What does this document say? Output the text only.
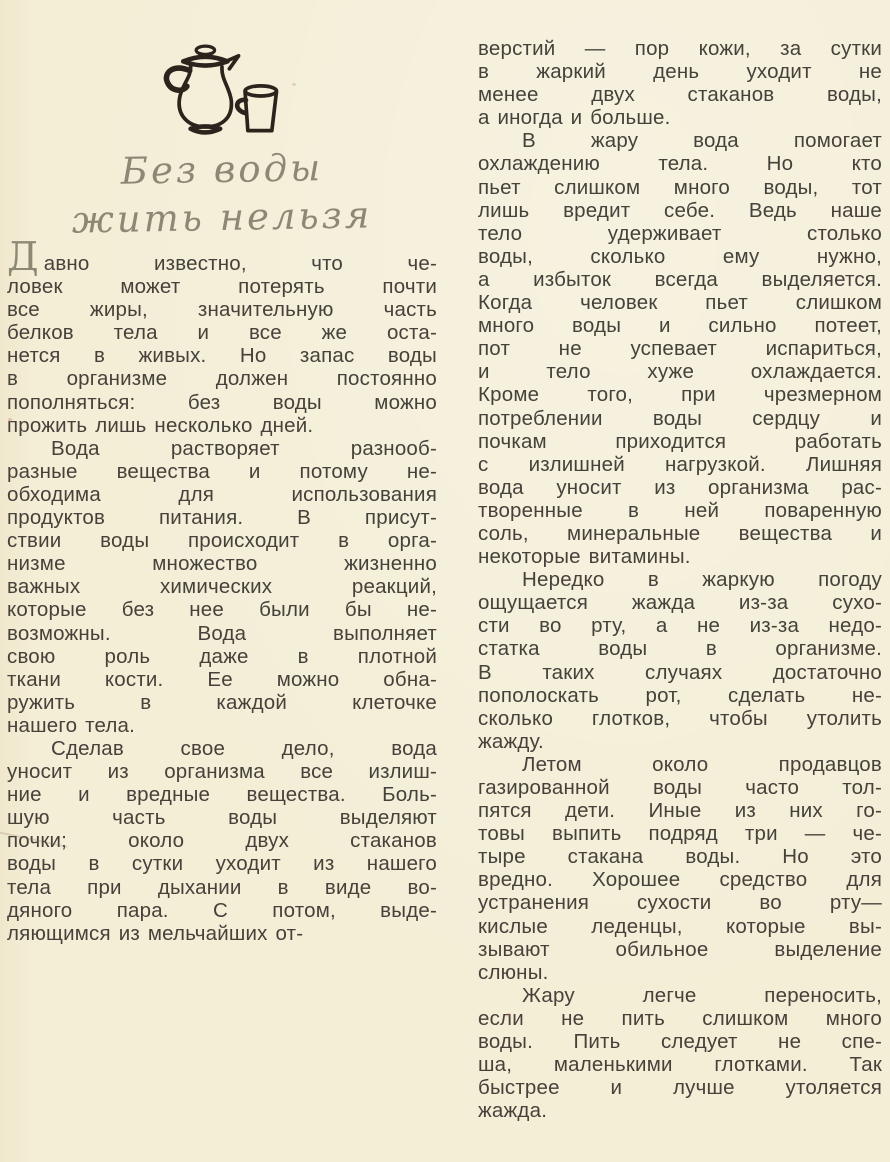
Без воды
жить нельзя
Давно известно, что че-
ловек может потерять почти
все жиры, значительную часть
белков тела и все же оста-
нется в живых. Но запас воды
в организме должен постоянно
пополняться: без воды можно
прожить лишь несколько дней.
Вода растворяет разнооб-
разные вещества и потому не-
обходима для использования
продуктов питания. В присут-
ствии воды происходит в орга-
низме множество жизненно
важных химических реакций,
которые без нее были бы не-
возможны. Вода выполняет
свою роль даже в плотной
ткани кости. Ее можно обна-
ружить в каждой клеточке
нашего тела.
Сделав свое дело, вода
уносит из организма все излиш-
ние и вредные вещества. Боль-
шую часть воды выделяют
почки; около двух стаканов
воды в сутки уходит из нашего
тела при дыхании в виде во-
дяного пара. С потом, выде-
ляющимся из мельчайших от-
верстий — пор кожи, за сутки
в жаркий день уходит не
менее двух стаканов воды,
а иногда и больше.
В жару вода помогает
охлаждению тела. Но кто
пьет слишком много воды, тот
лишь вредит себе. Ведь наше
тело удерживает столько
воды, сколько ему нужно,
а избыток всегда выделяется.
Когда человек пьет слишком
много воды и сильно потеет,
пот не успевает испариться,
и тело хуже охлаждается.
Кроме того, при чрезмерном
потреблении воды сердцу и
почкам приходится работать
с излишней нагрузкой. Лишняя
вода уносит из организма рас-
творенные в ней поваренную
соль, минеральные вещества и
некоторые витамины.
Нередко в жаркую погоду
ощущается жажда из-за сухо-
сти во рту, а не из-за недо-
статка воды в организме.
В таких случаях достаточно
пополоскать рот, сделать не-
сколько глотков, чтобы утолить
жажду.
Летом около продавцов
газированной воды часто тол-
пятся дети. Иные из них го-
товы выпить подряд три — че-
тыре стакана воды. Но это
вредно. Хорошее средство для
устранения сухости во рту—
кислые леденцы, которые вы-
зывают обильное выделение
слюны.
Жару легче переносить,
если не пить слишком много
воды. Пить следует не спе-
ша, маленькими глотками. Так
быстрее и лучше утоляется
жажда.
